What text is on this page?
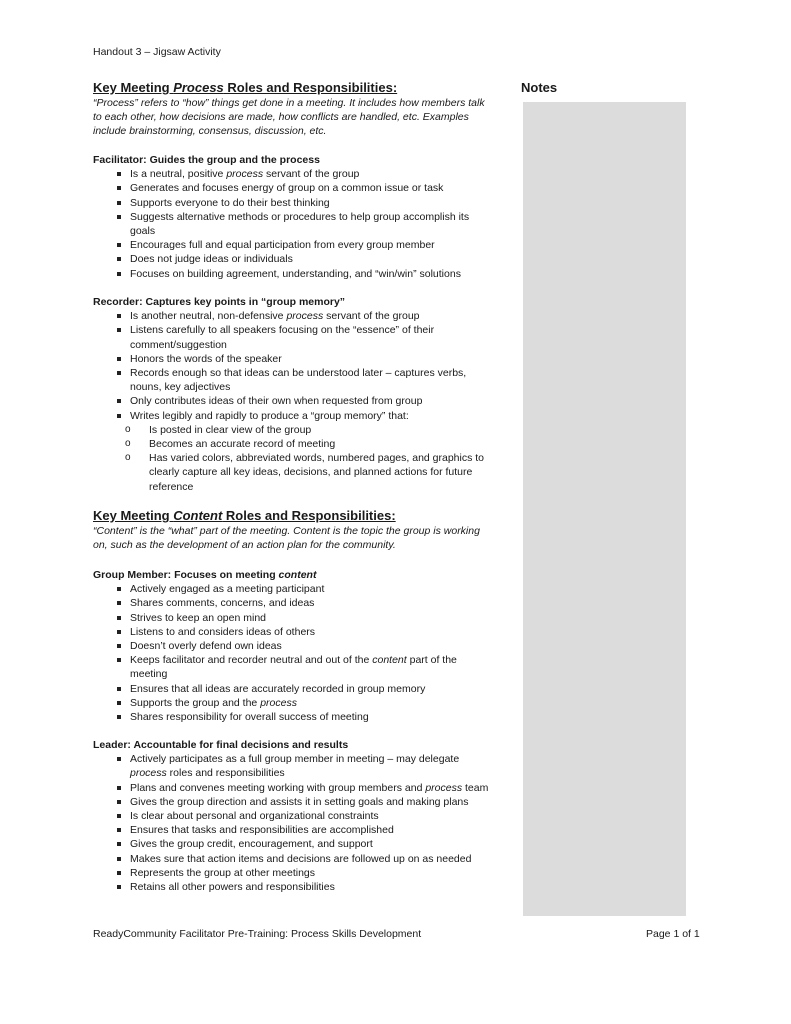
Handout 3 – Jigsaw Activity
Notes
Key Meeting Process Roles and Responsibilities:
“Process” refers to “how” things get done in a meeting. It includes how members talk to each other, how decisions are made, how conflicts are handled, etc. Examples include brainstorming, consensus, discussion, etc.
Facilitator: Guides the group and the process
Is a neutral, positive process servant of the group
Generates and focuses energy of group on a common issue or task
Supports everyone to do their best thinking
Suggests alternative methods or procedures to help group accomplish its goals
Encourages full and equal participation from every group member
Does not judge ideas or individuals
Focuses on building agreement, understanding, and “win/win” solutions
Recorder: Captures key points in “group memory”
Is another neutral, non-defensive process servant of the group
Listens carefully to all speakers focusing on the “essence” of their comment/suggestion
Honors the words of the speaker
Records enough so that ideas can be understood later – captures verbs, nouns, key adjectives
Only contributes ideas of their own when requested from group
Writes legibly and rapidly to produce a “group memory” that:
o Is posted in clear view of the group
o Becomes an accurate record of meeting
o Has varied colors, abbreviated words, numbered pages, and graphics to clearly capture all key ideas, decisions, and planned actions for future reference
Key Meeting Content Roles and Responsibilities:
“Content” is the “what” part of the meeting. Content is the topic the group is working on, such as the development of an action plan for the community.
Group Member: Focuses on meeting content
Actively engaged as a meeting participant
Shares comments, concerns, and ideas
Strives to keep an open mind
Listens to and considers ideas of others
Doesn’t overly defend own ideas
Keeps facilitator and recorder neutral and out of the content part of the meeting
Ensures that all ideas are accurately recorded in group memory
Supports the group and the process
Shares responsibility for overall success of meeting
Leader: Accountable for final decisions and results
Actively participates as a full group member in meeting – may delegate process roles and responsibilities
Plans and convenes meeting working with group members and process team
Gives the group direction and assists it in setting goals and making plans
Is clear about personal and organizational constraints
Ensures that tasks and responsibilities are accomplished
Gives the group credit, encouragement, and support
Makes sure that action items and decisions are followed up on as needed
Represents the group at other meetings
Retains all other powers and responsibilities
ReadyCommunity Facilitator Pre-Training: Process Skills Development	Page 1 of 1
